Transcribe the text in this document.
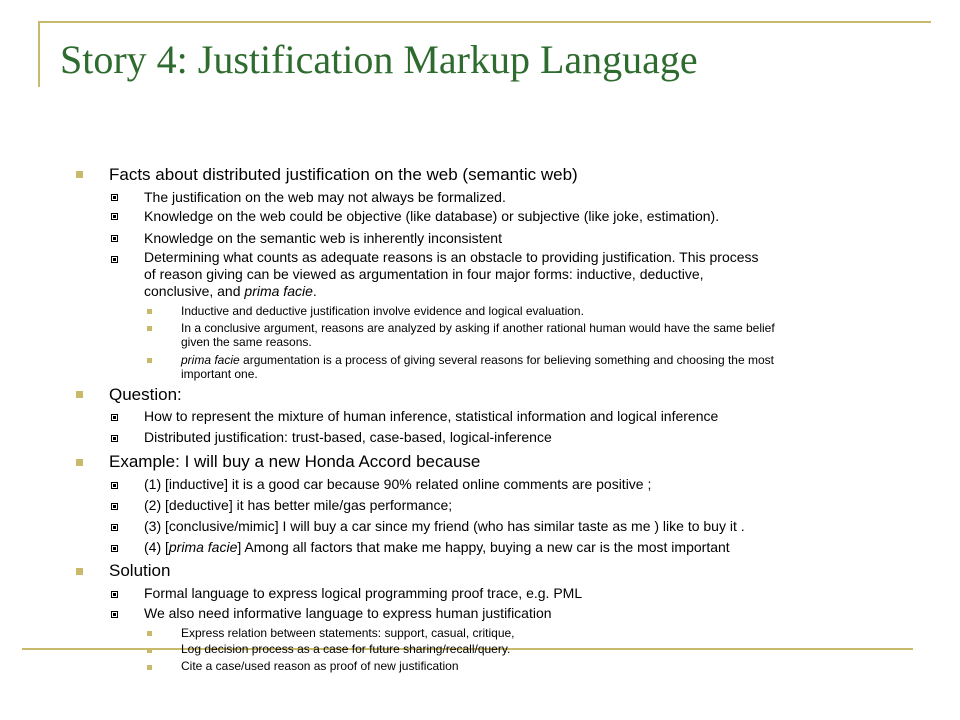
Story 4: Justification Markup Language
Facts about distributed justification on the web (semantic web)
The justification on the web may not always be formalized.
Knowledge on the web could be objective (like database) or subjective (like joke, estimation).
Knowledge on the semantic web is inherently inconsistent
Determining what counts as adequate reasons is an obstacle to providing justification. This process
of reason giving can be viewed as argumentation in four major forms: inductive, deductive,
conclusive, and prima facie.
Inductive and deductive justification involve evidence and logical evaluation.
In a conclusive argument, reasons are analyzed by asking if another rational human would have the same belief
given the same reasons.
prima facie argumentation is a process of giving several reasons for believing something and choosing the most
important one.
Question:
How to represent the mixture of human inference, statistical information and logical inference
Distributed justification: trust-based, case-based, logical-inference
Example: I will buy a new Honda Accord because
(1) [inductive] it is a good car because 90% related online comments are positive ;
(2) [deductive] it has better mile/gas performance;
(3) [conclusive/mimic] I will buy a car since my friend (who has similar taste as me ) like to buy it .
(4) [prima facie] Among all factors that make me happy, buying a new car is the most important
Solution
Formal language to express logical programming proof trace, e.g. PML
We also need informative language to express human justification
Express relation between statements: support, casual, critique,
Log decision process as a case for future sharing/recall/query.
Cite a case/used reason as proof of new justification
